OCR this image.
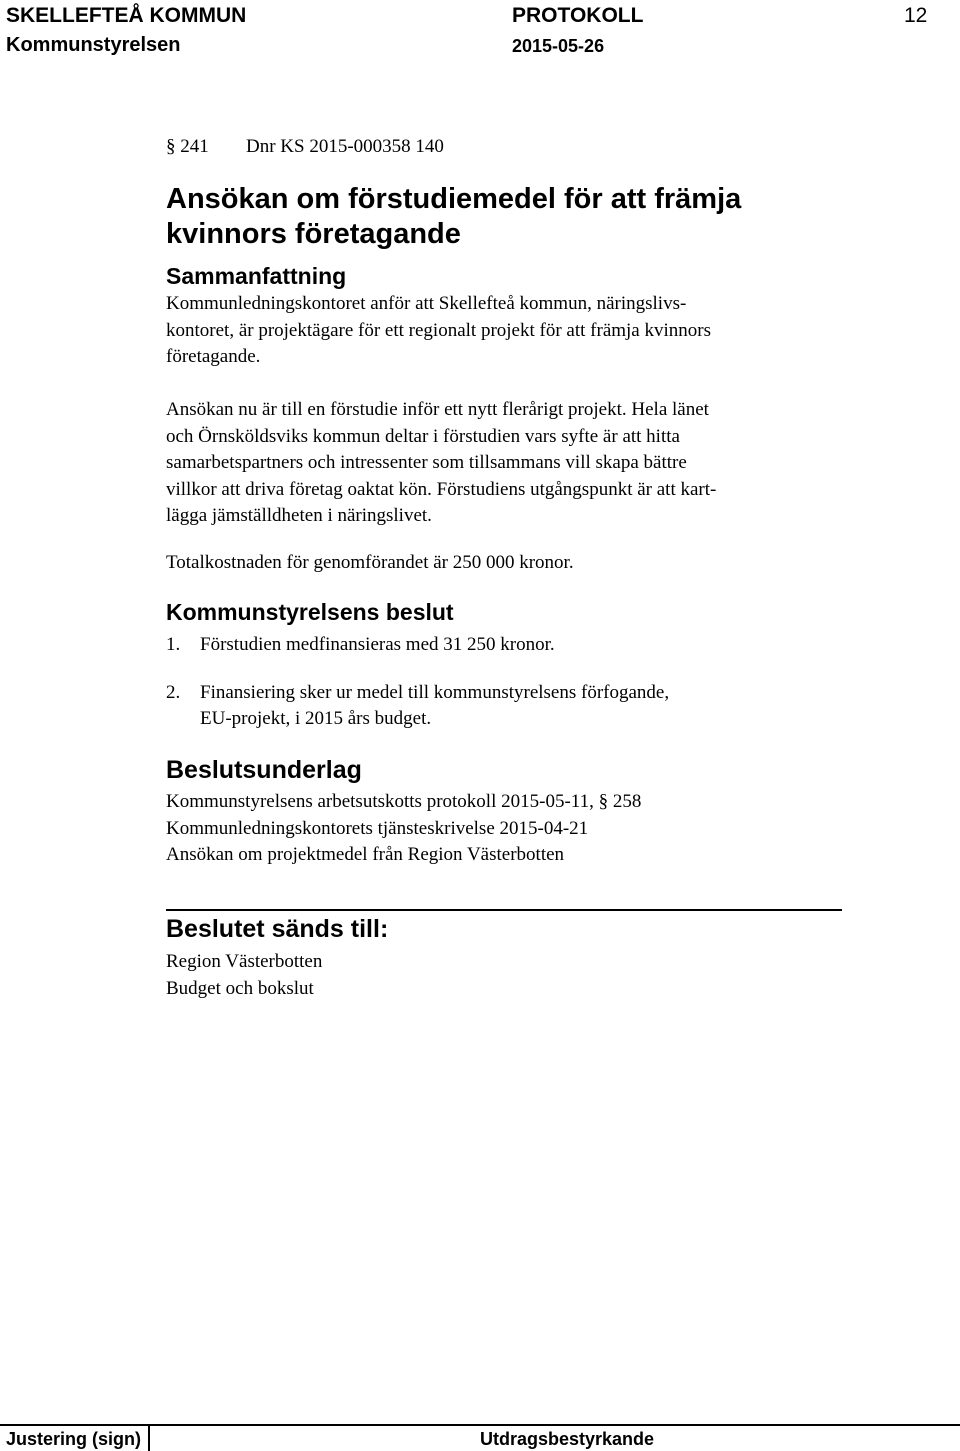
SKELLEFTEÅ KOMMUN
Kommunstyrelsen
PROTOKOLL
2015-05-26
12
§ 241 Dnr KS 2015-000358 140
Ansökan om förstudiemedel för att främja
kvinnors företagande
Sammanfattning
Kommunledningskontoret anför att Skellefteå kommun, näringslivs-
kontoret, är projektägare för ett regionalt projekt för att främja kvinnors
företagande.
Ansökan nu är till en förstudie inför ett nytt flerårigt projekt. Hela länet
och Örnsköldsviks kommun deltar i förstudien vars syfte är att hitta
samarbetspartners och intressenter som tillsammans vill skapa bättre
villkor att driva företag oaktat kön. Förstudiens utgångspunkt är att kart-
lägga jämställdheten i näringslivet.
Totalkostnaden för genomförandet är 250 000 kronor.
Kommunstyrelsens beslut
1. Förstudien medfinansieras med 31 250 kronor.
2. Finansiering sker ur medel till kommunstyrelsens förfogande,
EU-projekt, i 2015 års budget.
Beslutsunderlag
Kommunstyrelsens arbetsutskotts protokoll 2015-05-11, § 258
Kommunledningskontorets tjänsteskrivelse 2015-04-21
Ansökan om projektmedel från Region Västerbotten
Beslutet sänds till:
Region Västerbotten
Budget och bokslut
Justering (sign)	Utdragsbestyrkande
